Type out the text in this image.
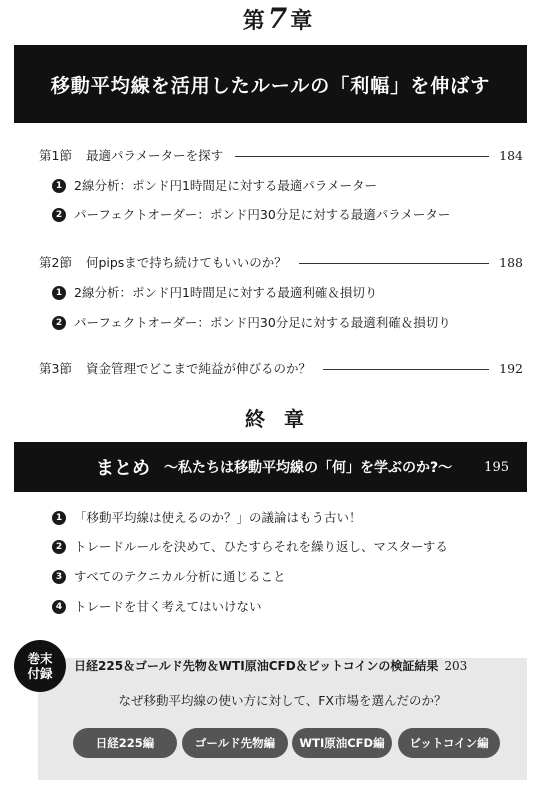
第 7 章
移動平均線を活用したルールの「利幅」を伸ばす
第1節 最適パラメーターを探す	184
1 2線分析：ポンド円1時間足に対する最適パラメーター
2 パーフェクトオーダー：ポンド円30分足に対する最適パラメーター
第2節 何pipsまで持ち続けてもいいのか？	188
1 2線分析：ポンド円1時間足に対する最適利確＆損切り
2 パーフェクトオーダー：ポンド円30分足に対する最適利確＆損切り
第3節 資金管理でどこまで純益が伸びるのか？	192
終 章
まとめ 〜私たちは移動平均線の「何」を学ぶのか?〜 195
1 「移動平均線は使えるのか？」の議論はもう古い！
2 トレードルールを決めて、ひたすらそれを繰り返し、マスターする
3 すべてのテクニカル分析に通じること
4 トレードを甘く考えてはいけない
巻末
付録 日経225＆ゴールド先物＆WTI原油CFD＆ビットコインの検証結果 203
なぜ移動平均線の使い方に対して、FX市場を選んだのか？
日経225編	ゴールド先物編	WTI原油CFD編	ビットコイン編
